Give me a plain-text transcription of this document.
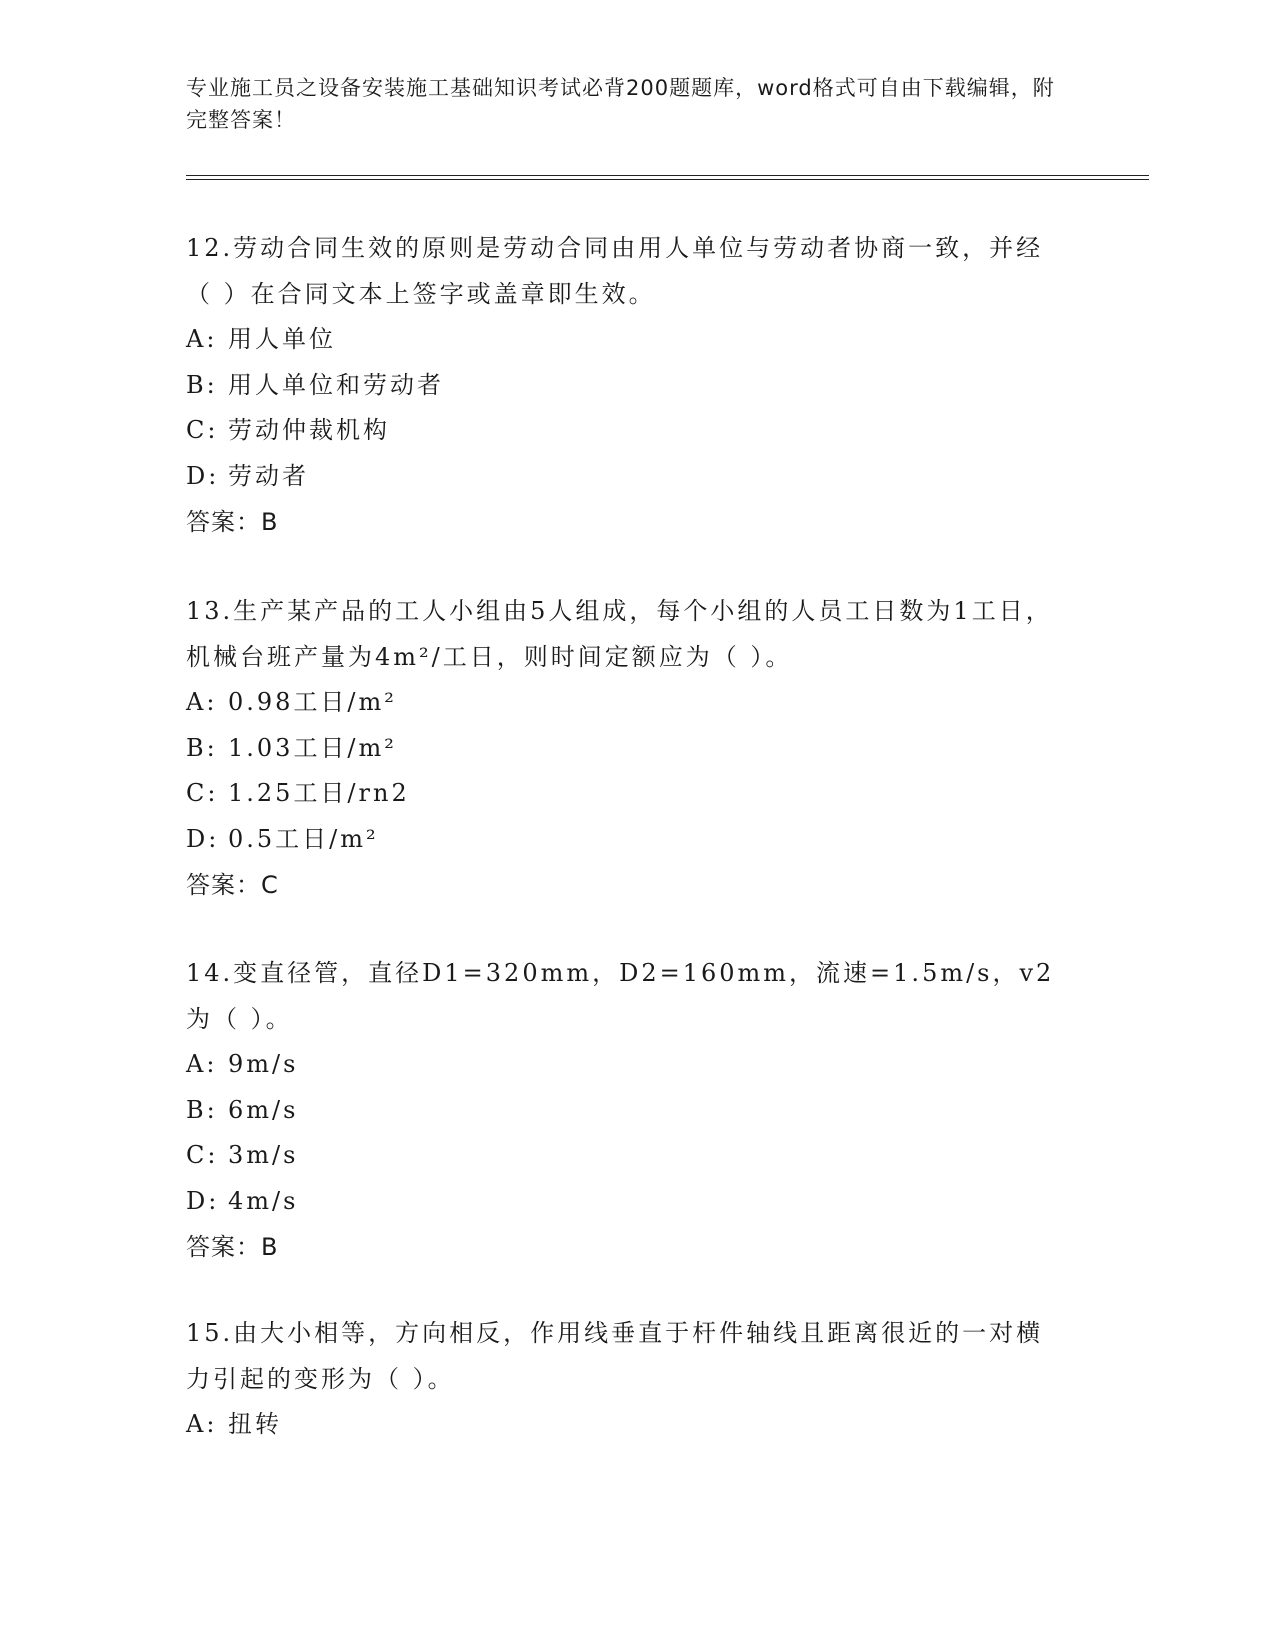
专业施工员之设备安装施工基础知识考试必背200题题库，word格式可自由下载编辑，附完整答案！

12.劳动合同生效的原则是劳动合同由用人单位与劳动者协商一致，并经（ ）在合同文本上签字或盖章即生效。

A: 用人单位

B: 用人单位和劳动者

C: 劳动仲裁机构

D: 劳动者

答案：B

13.生产某产品的工人小组由5人组成，每个小组的人员工日数为1工日，机械台班产量为4m²/工日，则时间定额应为（ ）。

A: 0.98工日/m²

B: 1.03工日/m²

C: 1.25工日/rn2

D: 0.5工日/m²

答案：C

14.变直径管，直径D1=320mm，D2=160mm，流速=1.5m/s，v2为（ ）。

A: 9m/s

B: 6m/s

C: 3m/s

D: 4m/s

答案：B

15.由大小相等，方向相反，作用线垂直于杆件轴线且距离很近的一对横力引起的变形为（ ）。

A: 扭转
